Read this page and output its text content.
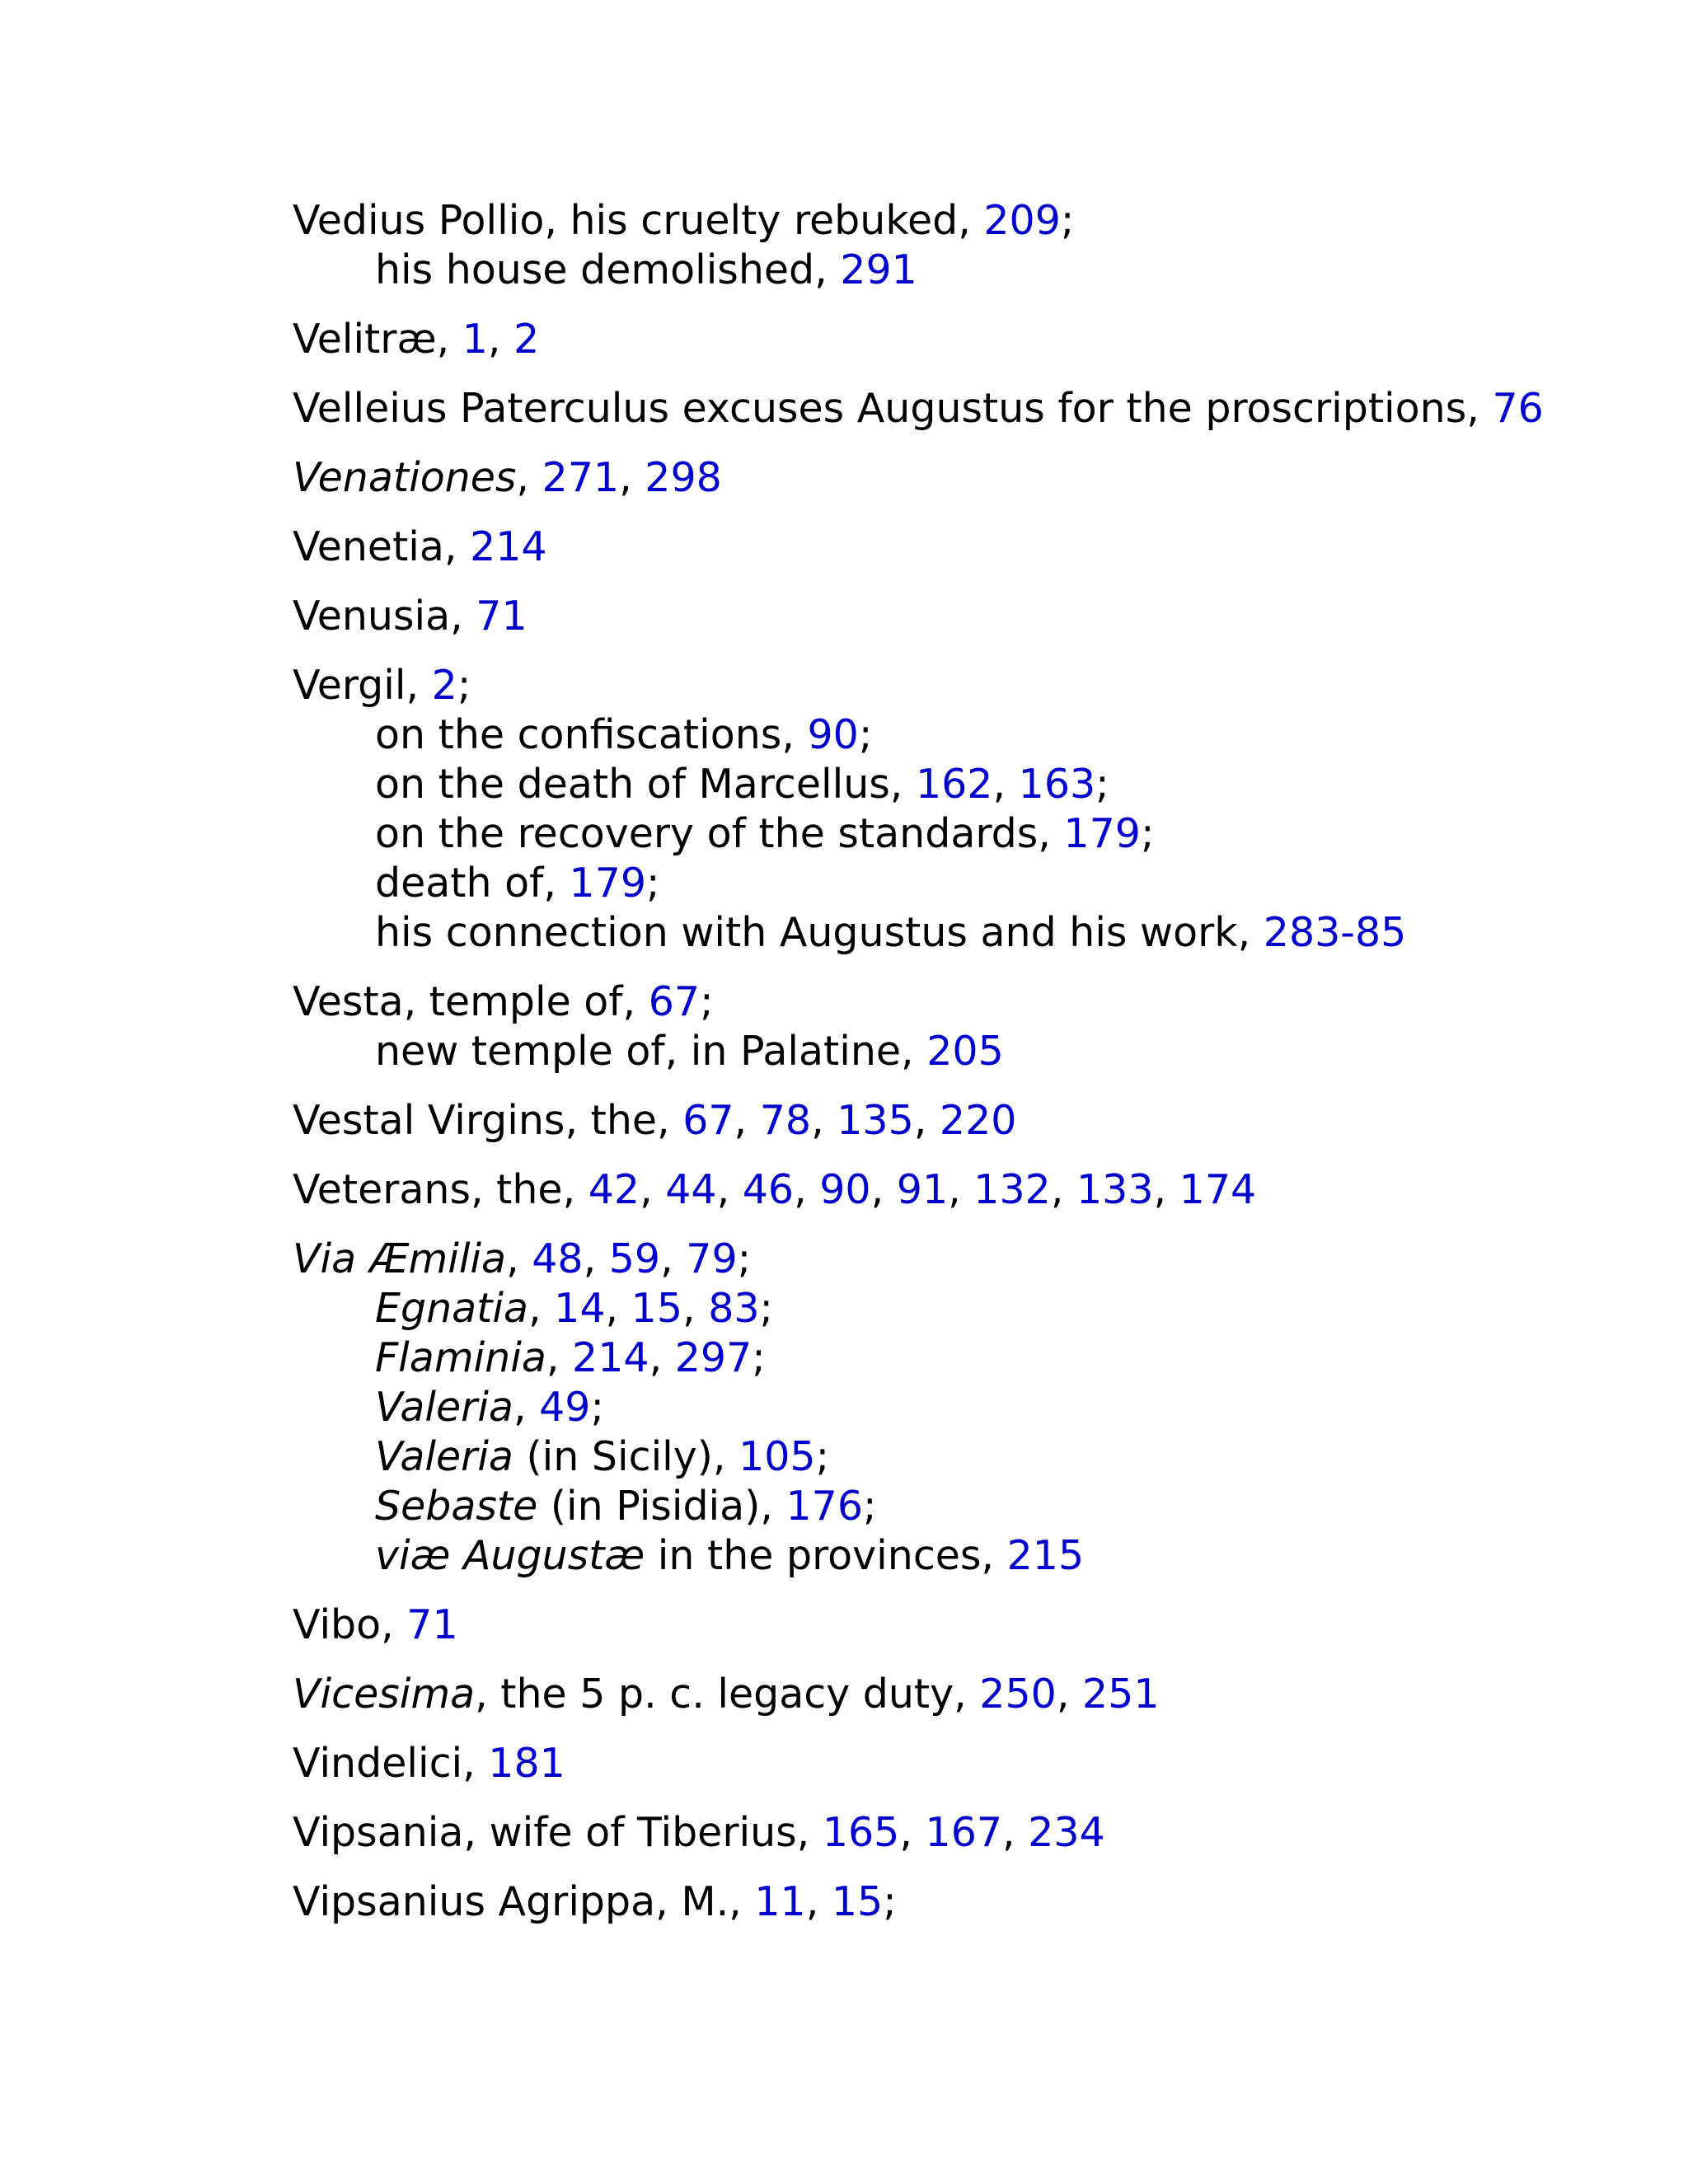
Vedius Pollio, his cruelty rebuked, 209;
his house demolished, 291
Velitræ, 1, 2
Velleius Paterculus excuses Augustus for the proscriptions, 76
Venationes, 271, 298
Venetia, 214
Venusia, 71
Vergil, 2;
on the confiscations, 90;
on the death of Marcellus, 162, 163;
on the recovery of the standards, 179;
death of, 179;
his connection with Augustus and his work, 283-85
Vesta, temple of, 67;
new temple of, in Palatine, 205
Vestal Virgins, the, 67, 78, 135, 220
Veterans, the, 42, 44, 46, 90, 91, 132, 133, 174
Via Æmilia, 48, 59, 79;
Egnatia, 14, 15, 83;
Flaminia, 214, 297;
Valeria, 49;
Valeria (in Sicily), 105;
Sebaste (in Pisidia), 176;
viæ Augustæ in the provinces, 215
Vibo, 71
Vicesima, the 5 p. c. legacy duty, 250, 251
Vindelici, 181
Vipsania, wife of Tiberius, 165, 167, 234
Vipsanius Agrippa, M., 11, 15;
